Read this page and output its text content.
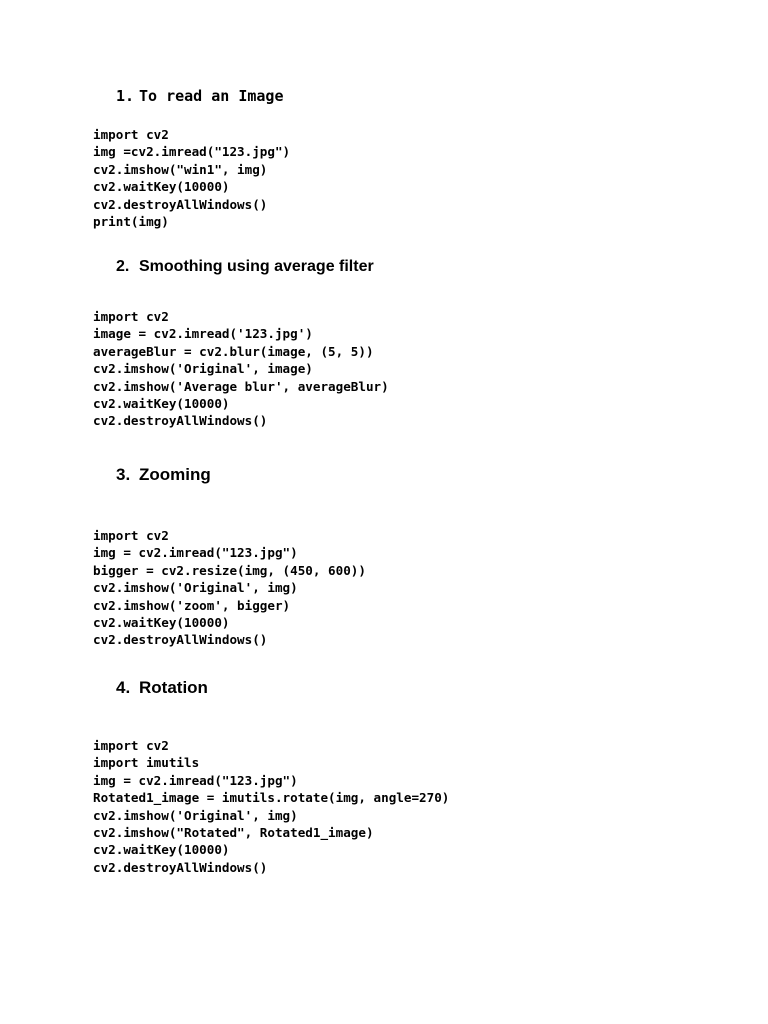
1. To read an Image
import cv2
img =cv2.imread("123.jpg")
cv2.imshow("win1", img)
cv2.waitKey(10000)
cv2.destroyAllWindows()
print(img)
2. Smoothing using average filter
import cv2
image = cv2.imread('123.jpg')
averageBlur = cv2.blur(image, (5, 5))
cv2.imshow('Original', image)
cv2.imshow('Average blur', averageBlur)
cv2.waitKey(10000)
cv2.destroyAllWindows()
3. Zooming
import cv2
img = cv2.imread("123.jpg")
bigger = cv2.resize(img, (450, 600))
cv2.imshow('Original', img)
cv2.imshow('zoom', bigger)
cv2.waitKey(10000)
cv2.destroyAllWindows()
4. Rotation
import cv2
import imutils
img = cv2.imread("123.jpg")
Rotated1_image = imutils.rotate(img, angle=270)
cv2.imshow('Original', img)
cv2.imshow("Rotated", Rotated1_image)
cv2.waitKey(10000)
cv2.destroyAllWindows()
